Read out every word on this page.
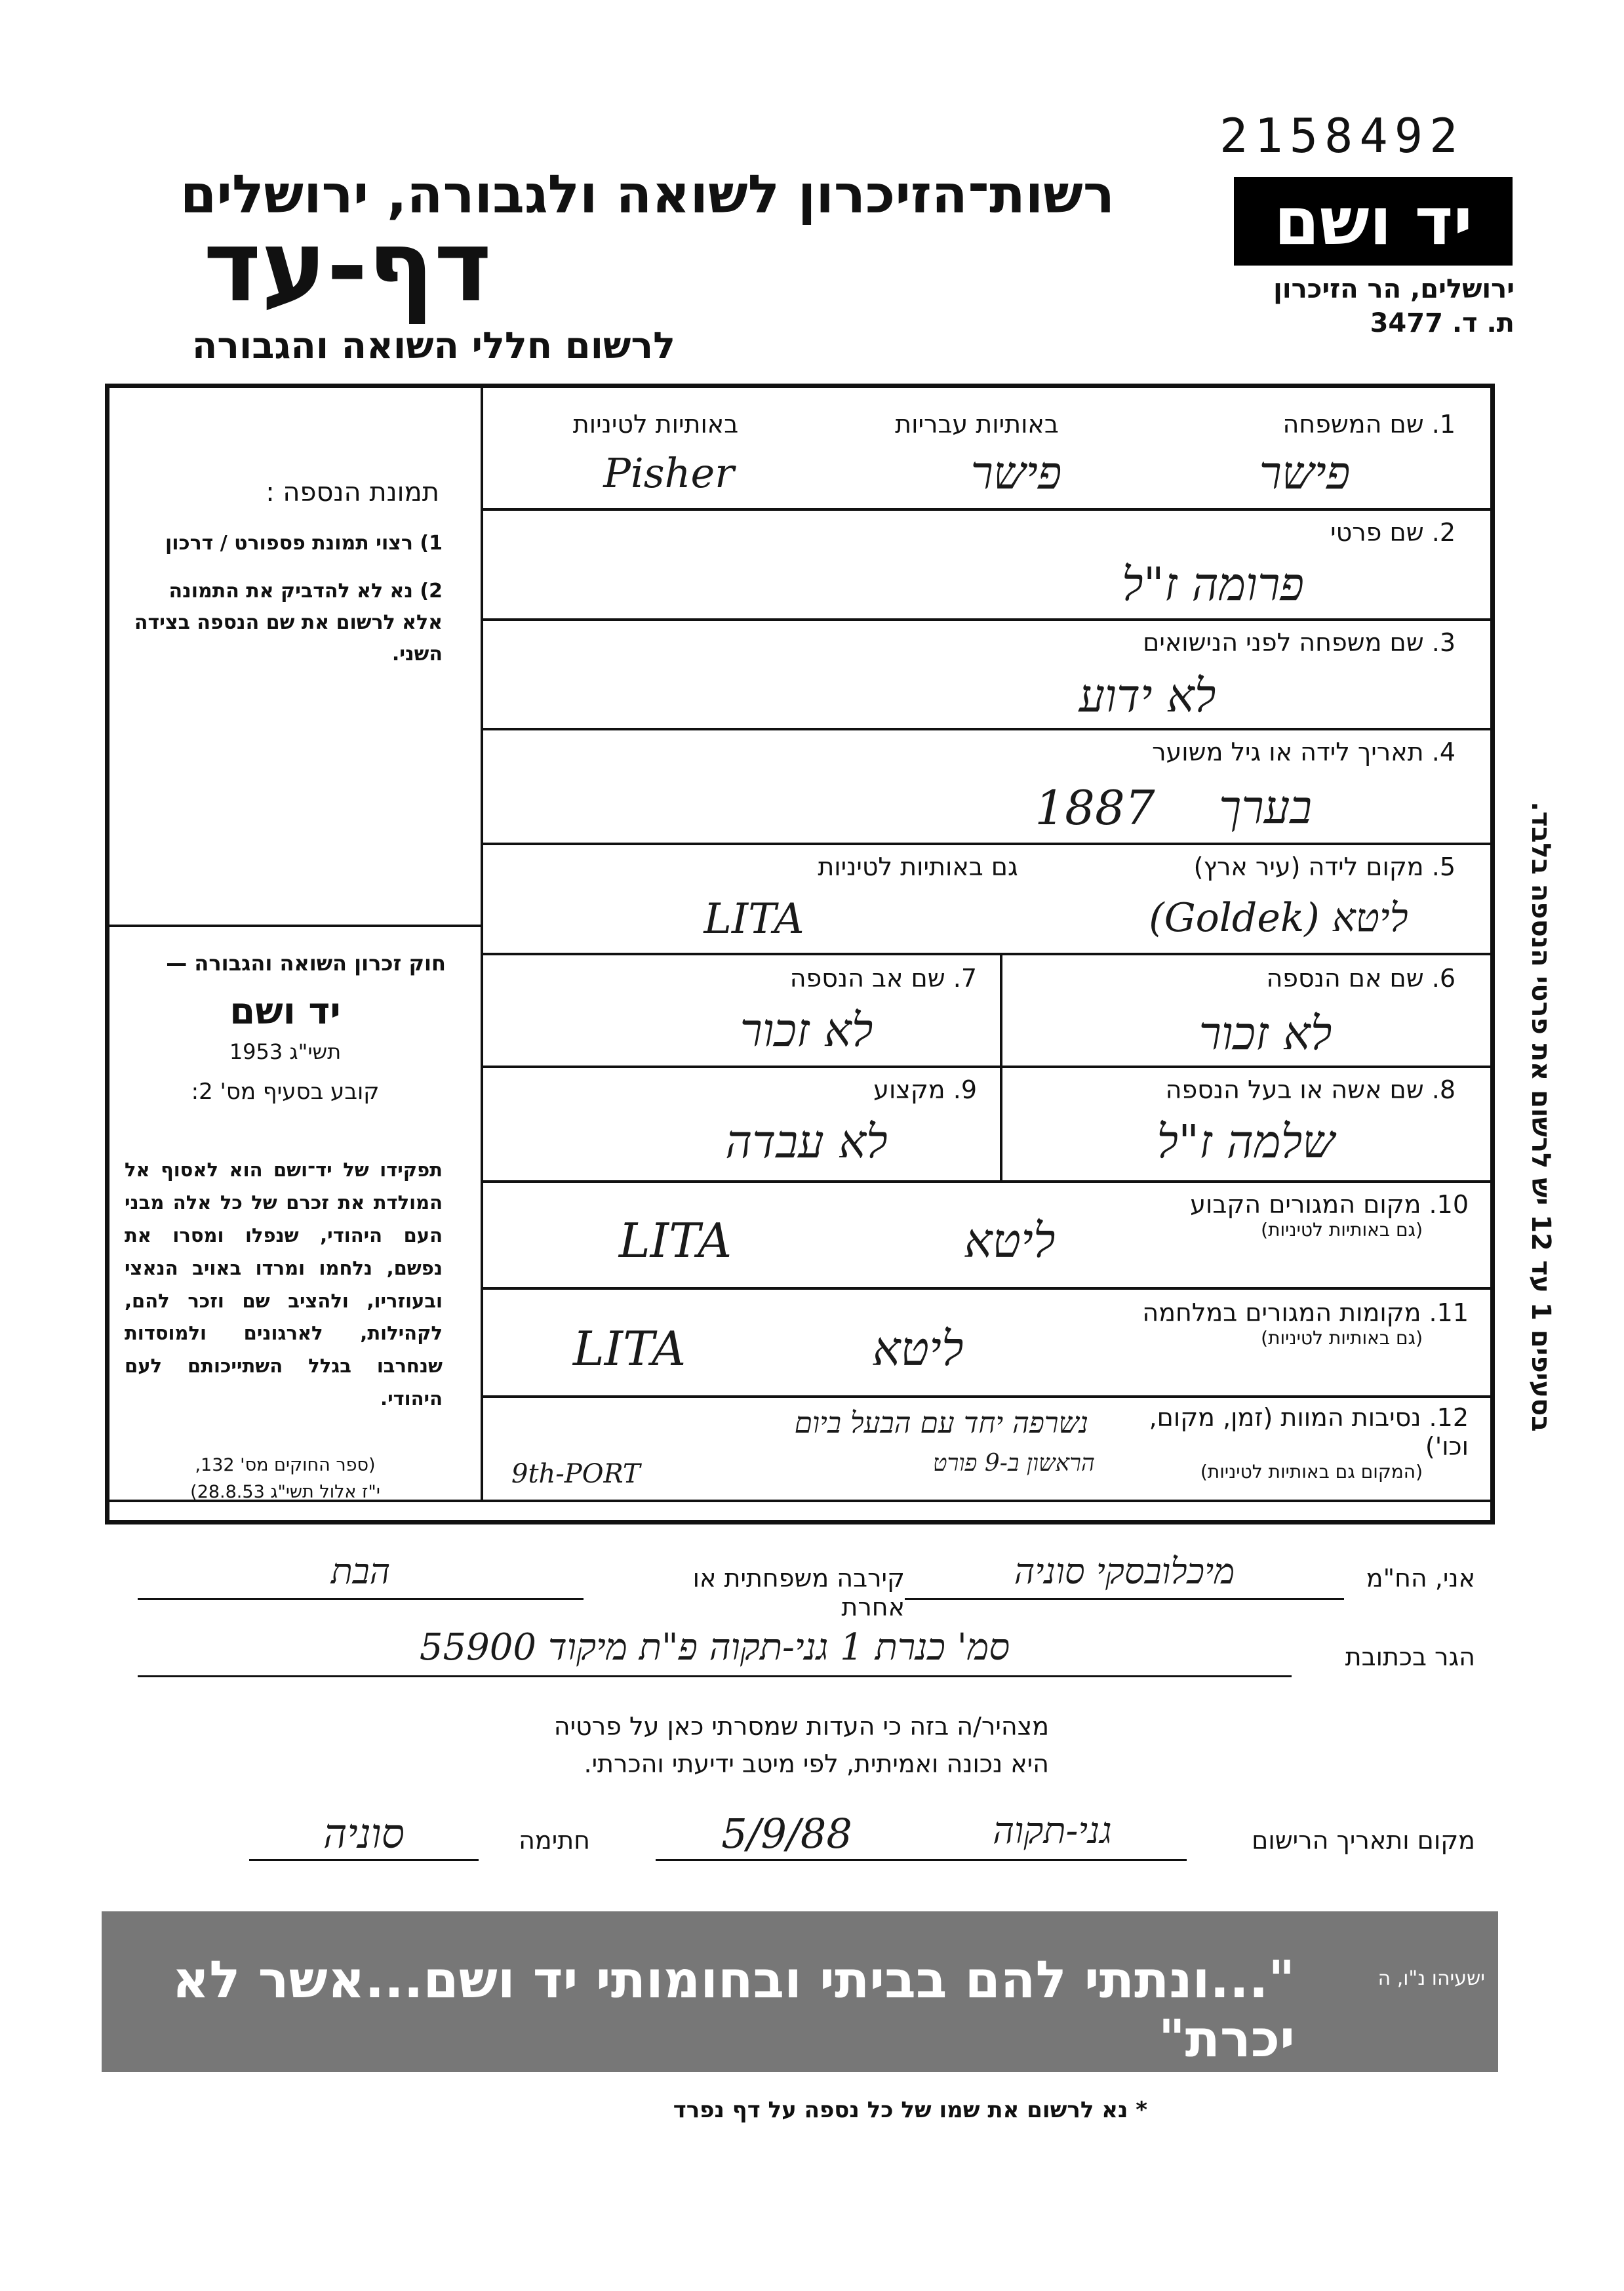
2158492
רשות־הזיכרון לשואה ולגבורה, ירושלים
דף-עד
לרשום חללי השואה והגבורה
יד ושם
ירושלים, הר הזיכרון
ת. ד. 3477
בסעיפים 1 עד 12 יש לרשום את פרטי הנספה בלבד.
תמונת הנספה :
1) רצוי תמונת פספורט / דרכון
2) נא לא להדביק את התמונה אלא לרשום את שם הנספה בצידה השני.
חוק זכרון השואה והגבורה —
יד ושם
תשי"ג 1953
קובע בסעיף מס' 2:
תפקידו של יד־ושם הוא לאסוף אל המולדת את זכרם של כל אלה מבני העם היהודי, שנפלו ומסרו את נפשם, נלחמו ומרדו באויב הנאצי ובעוזריו, ולהציב שם וזכר להם, לקהילות, לארגונים ולמוסדות שנחרבו בגלל השתייכותם לעם היהודי.
(ספר החוקים מס' 132,
י"ז אלול תשי"ג 28.8.53)
1. שם המשפחה
באותיות עבריות
באותיות לטיניות
פישר
פישר
Pisher
2. שם פרטי
פרומה ז"ל
3. שם משפחה לפני הנישואים
לא ידוע
4. תאריך לידה או גיל משוער
בערך
1887
5. מקום לידה (עיר ארץ)
גם באותיות לטיניות
ליטא (Goldek)
LITA
6. שם אם הנספה
לא זכור
7. שם אב הנספה
לא זכור
8. שם אשה או בעל הנספה
שלמה ז"ל
9. מקצוע
לא עבדה
10. מקום המגורים הקבוע
(גם באותיות לטיניות)
ליטא
LITA
11. מקומות המגורים במלחמה
(גם באותיות לטיניות)
ליטא
LITA
12. נסיבות המוות (זמן, מקום, וכו')
(המקום גם באותיות לטיניות)
נשרפה יחד עם הבעל ביום
הראשון ב-9 פורט
9th-PORT
אני, הח"מ
מיכלובסקי סוניה
קירבה משפחתית או אחרת
הבת
הגר בכתובת
סמ' כנרת 1 גני-תקוה פ"ת מיקוד 55900
מצהיר/ה בזה כי העדות שמסרתי כאן על פרטיה
היא נכונה ואמיתית, לפי מיטב ידיעתי והכרתי.
מקום ותאריך הרישום
גני-תקוה
5/9/88
חתימה
סוניה
"...ונתתי להם בביתי ובחומותי יד ושם...אשר לא יכרת"
ישעיהו נ"ו, ה
* נא לרשום את שמו של כל נספה על דף נפרד
